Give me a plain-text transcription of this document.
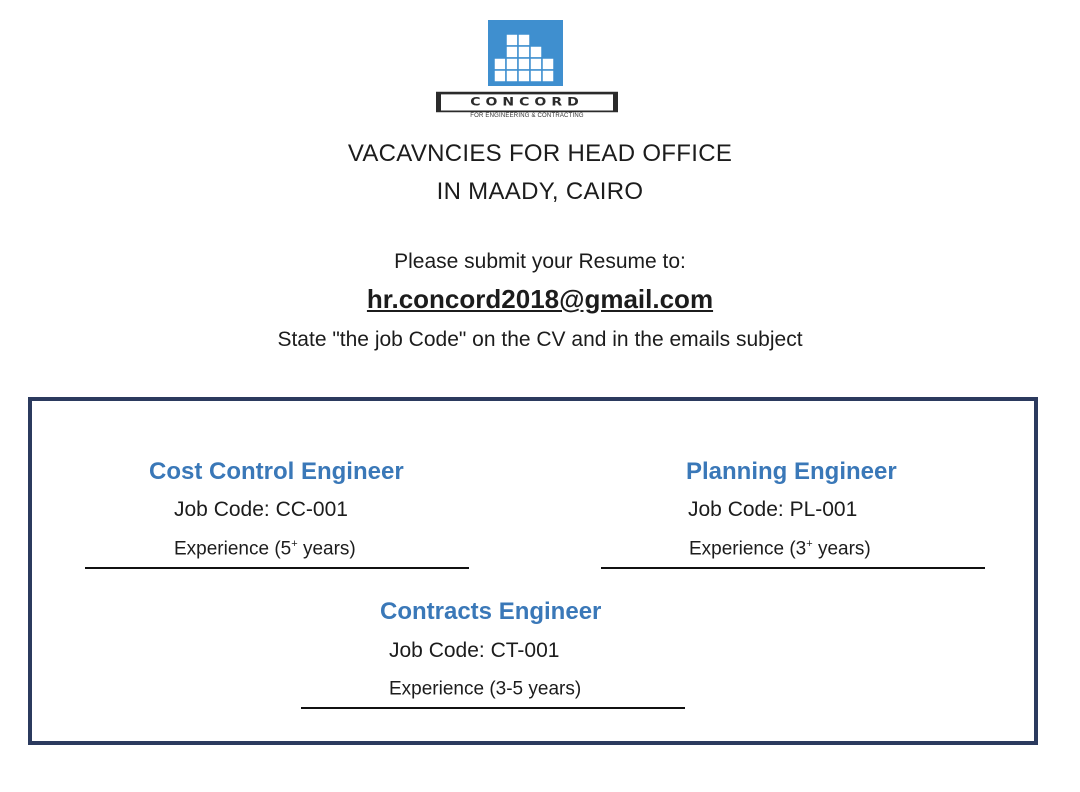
CONCORD
FOR ENGINEERING & CONTRACTING
VACAVNCIES FOR HEAD OFFICE
IN MAADY, CAIRO
Please submit your Resume to:
hr.concord2018@gmail.com
State "the job Code" on the CV and in the emails subject
Cost Control Engineer
Job Code: CC-001
Experience (5+ years)
Planning Engineer
Job Code: PL-001
Experience (3+ years)
Contracts Engineer
Job Code: CT-001
Experience (3-5 years)
